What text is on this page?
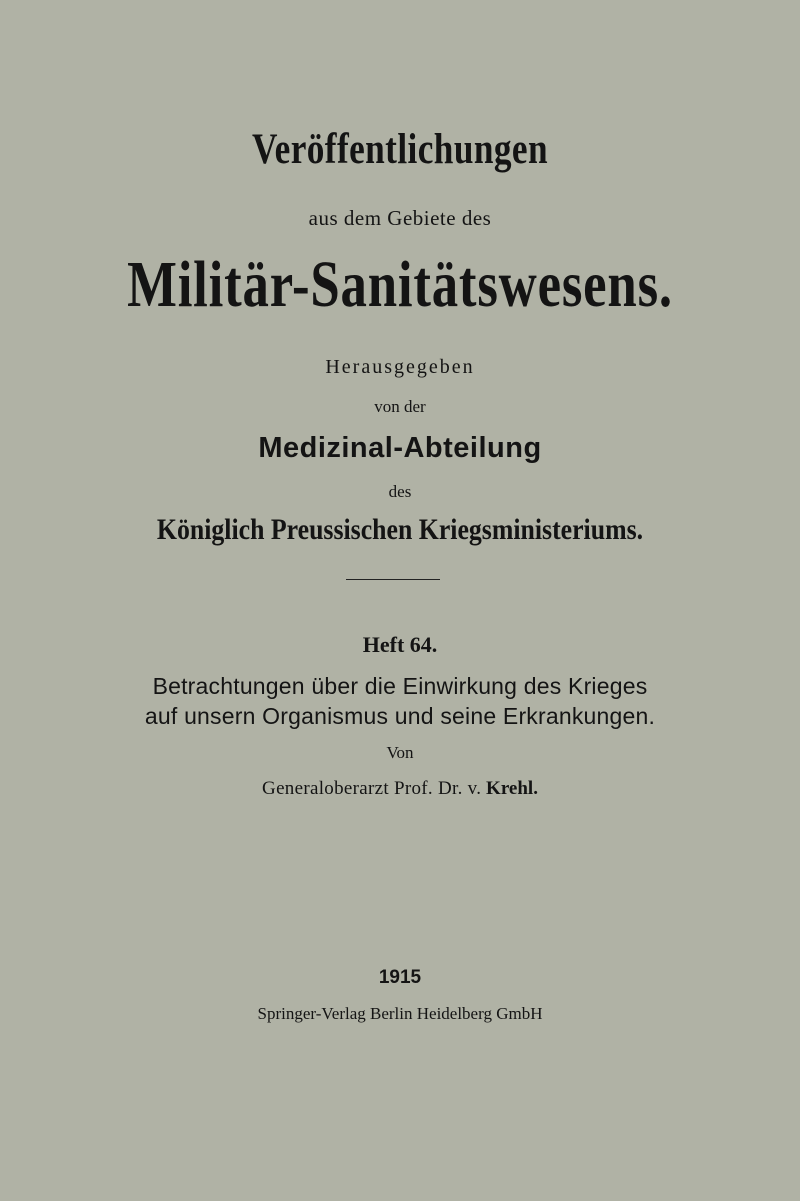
Veröffentlichungen
aus dem Gebiete des
Militär-Sanitätswesens.
Herausgegeben
von der
Medizinal-Abteilung
des
Königlich Preussischen Kriegsministeriums.
Heft 64.
Betrachtungen über die Einwirkung des Krieges
auf unsern Organismus und seine Erkrankungen.
Von
Generaloberarzt Prof. Dr. v. Krehl.
1915
Springer-Verlag Berlin Heidelberg GmbH
